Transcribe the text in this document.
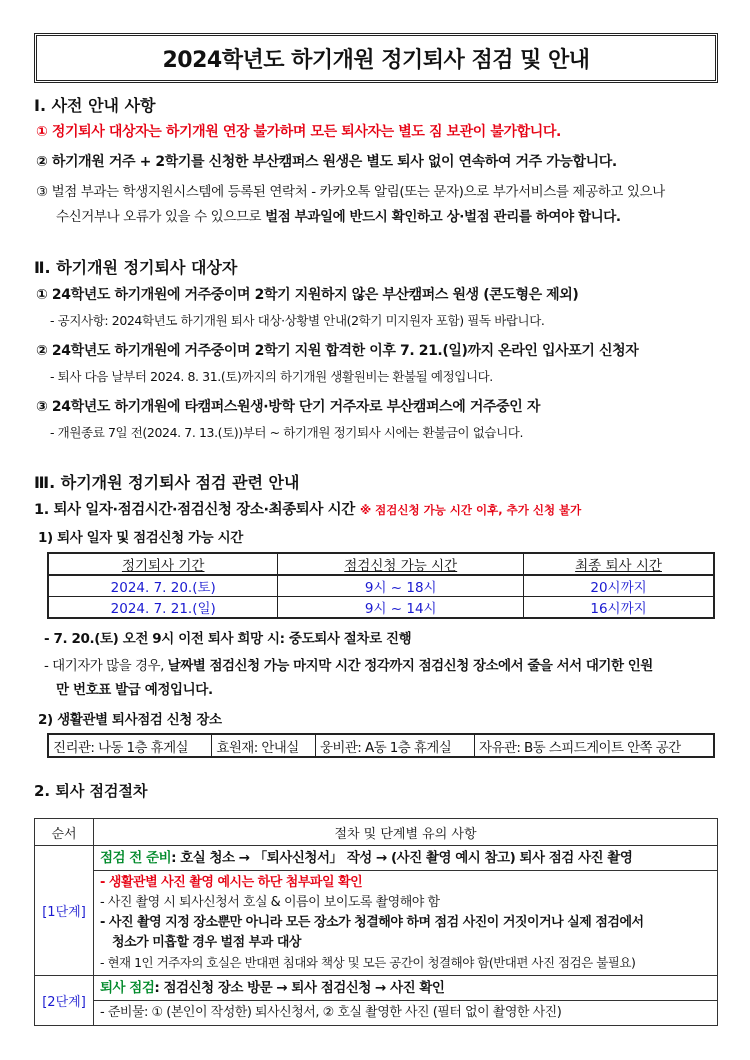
2024학년도 하기개원 정기퇴사 점검 및 안내
Ⅰ. 사전 안내 사항
① 정기퇴사 대상자는 하기개원 연장 불가하며 모든 퇴사자는 별도 짐 보관이 불가합니다.
② 하기개원 거주 + 2학기를 신청한 부산캠퍼스 원생은 별도 퇴사 없이 연속하여 거주 가능합니다.
③ 벌점 부과는 학생지원시스템에 등록된 연락처 - 카카오톡 알림(또는 문자)으로 부가서비스를 제공하고 있으나
수신거부나 오류가 있을 수 있으므로 벌점 부과일에 반드시 확인하고 상·벌점 관리를 하여야 합니다.
Ⅱ. 하기개원 정기퇴사 대상자
① 24학년도 하기개원에 거주중이며 2학기 지원하지 않은 부산캠퍼스 원생 (콘도형은 제외)
- 공지사항: 2024학년도 하기개원 퇴사 대상·상황별 안내(2학기 미지원자 포함) 필독 바랍니다.
② 24학년도 하기개원에 거주중이며 2학기 지원 합격한 이후 7. 21.(일)까지 온라인 입사포기 신청자
- 퇴사 다음 날부터 2024. 8. 31.(토)까지의 하기개원 생활원비는 환불될 예정입니다.
③ 24학년도 하기개원에 타캠퍼스원생·방학 단기 거주자로 부산캠퍼스에 거주중인 자
- 개원종료 7일 전(2024. 7. 13.(토))부터 ~ 하기개원 정기퇴사 시에는 환불금이 없습니다.
Ⅲ. 하기개원 정기퇴사 점검 관련 안내
1. 퇴사 일자·점검시간·점검신청 장소·최종퇴사 시간 ※ 점검신청 가능 시간 이후, 추가 신청 불가
1) 퇴사 일자 및 점검신청 가능 시간
정기퇴사 기간	점검신청 가능 시간	최종 퇴사 시간
2024. 7. 20.(토)	9시 ~ 18시	20시까지
2024. 7. 21.(일)	9시 ~ 14시	16시까지
- 7. 20.(토) 오전 9시 이전 퇴사 희망 시: 중도퇴사 절차로 진행
- 대기자가 많을 경우, 날짜별 점검신청 가능 마지막 시간 정각까지 점검신청 장소에서 줄을 서서 대기한 인원
만 번호표 발급 예정입니다.
2) 생활관별 퇴사점검 신청 장소
진리관: 나동 1층 휴게실	효원재: 안내실	웅비관: A동 1층 휴게실	자유관: B동 스피드게이트 안쪽 공간
2. 퇴사 점검절차
순서	절차 및 단계별 유의 사항
[1단계]	점검 전 준비: 호실 청소 → 「퇴사신청서」 작성 → (사진 촬영 예시 참고) 퇴사 점검 사진 촬영

	- 생활관별 사진 촬영 예시는 하단 첨부파일 확인
- 사진 촬영 시 퇴사신청서 호실 & 이름이 보이도록 촬영해야 함
- 사진 촬영 지정 장소뿐만 아니라 모든 장소가 청결해야 하며 점검 사진이 거짓이거나 실제 점검에서
청소가 미흡할 경우 벌점 부과 대상
- 현재 1인 거주자의 호실은 반대편 침대와 책상 및 모든 공간이 청결해야 함(반대편 사진 점검은 불필요)

[2단계]	퇴사 점검: 점검신청 장소 방문 → 퇴사 점검신청 → 사진 확인

	- 준비물: ① (본인이 작성한) 퇴사신청서, ② 호실 촬영한 사진 (필터 없이 촬영한 사진)
